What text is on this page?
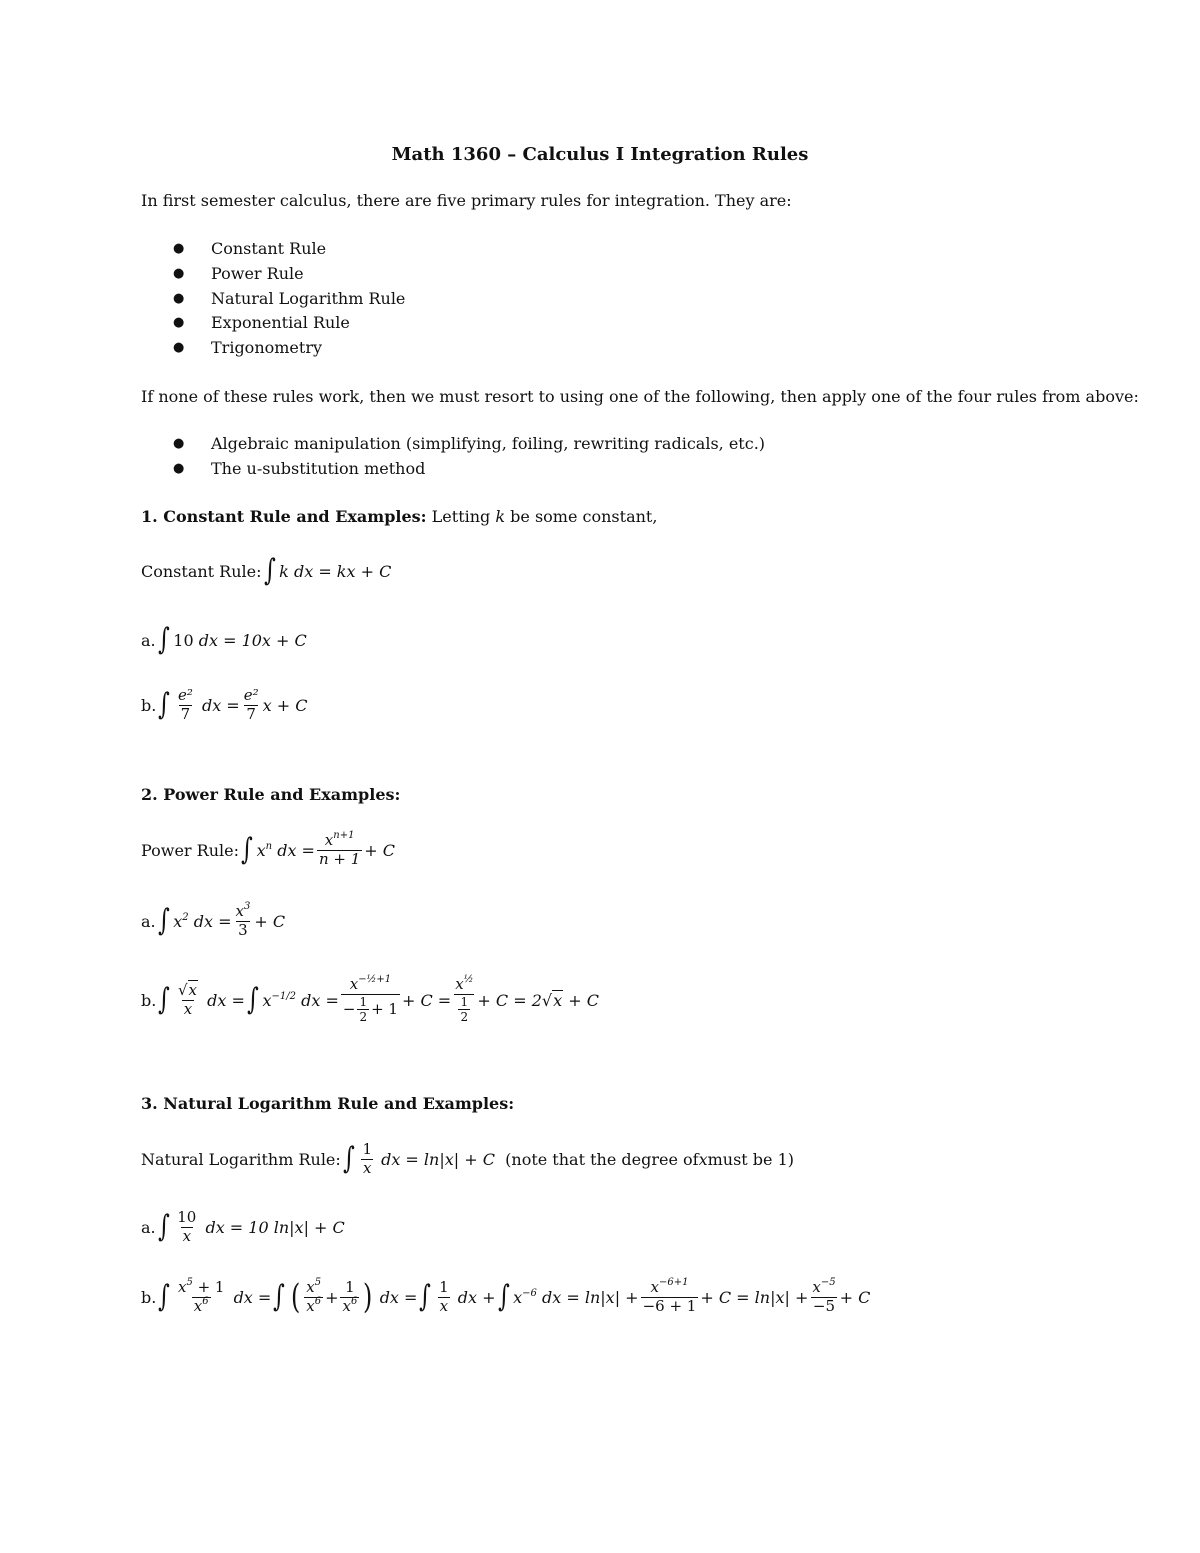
Math 1360 – Calculus I Integration Rules
In first semester calculus, there are five primary rules for integration. They are:
● Constant Rule
● Power Rule
● Natural Logarithm Rule
● Exponential Rule
● Trigonometry
If none of these rules work, then we must resort to using one of the following, then apply one of the four rules from above:
● Algebraic manipulation (simplifying, foiling, rewriting radicals, etc.)
● The u-substitution method
1. Constant Rule and Examples: Letting k be some constant,
Constant Rule: ∫ k
dx
= kx + C
a. ∫ 10
dx
= 10x + C
b. ∫ $\frac{\text{e²}}{7}$
dx = $\frac{\text{e²}}{7}$ x + C
2. Power Rule and Examples:
Power Rule: ∫ $x^n$
dx = $\frac{x^{n+1}}{n + 1} + C$
a. ∫ $x^2$
dx = $\frac{x^3}{3} + C$
b. ∫ $\frac{√x}{x}$
dx = ∫ $x^{-1/2}$
dx = $\frac{x^{-\frac{1}{2}+1}}{- \frac{1}{2} + 1} + C = \frac{x^{\frac{1}{2}}}{\frac{1}{2}} + C = 2$ √x
+ C
3. Natural Logarithm Rule and Examples:
Natural Logarithm Rule: ∫ $\frac{1}{x}$
dx = ln|x| + C
(note that the degree of x must be 1)
a. ∫ $\frac{10}{x}$
dx = 10 ln|x| + C
b. ∫ $\frac{x^5 + 1}{x^6}$
dx = ∫ ( $\frac{x^5}{x^6} + \frac{1}{x^6}$ )
dx = ∫ $\frac{1}{x}$
dx + ∫ $x^{-6}$
dx = $\ln|x| + \frac{x^{-6+1}}{-6 + 1} + C = \ln|x| + \frac{x^{-5}}{-5} + C$
